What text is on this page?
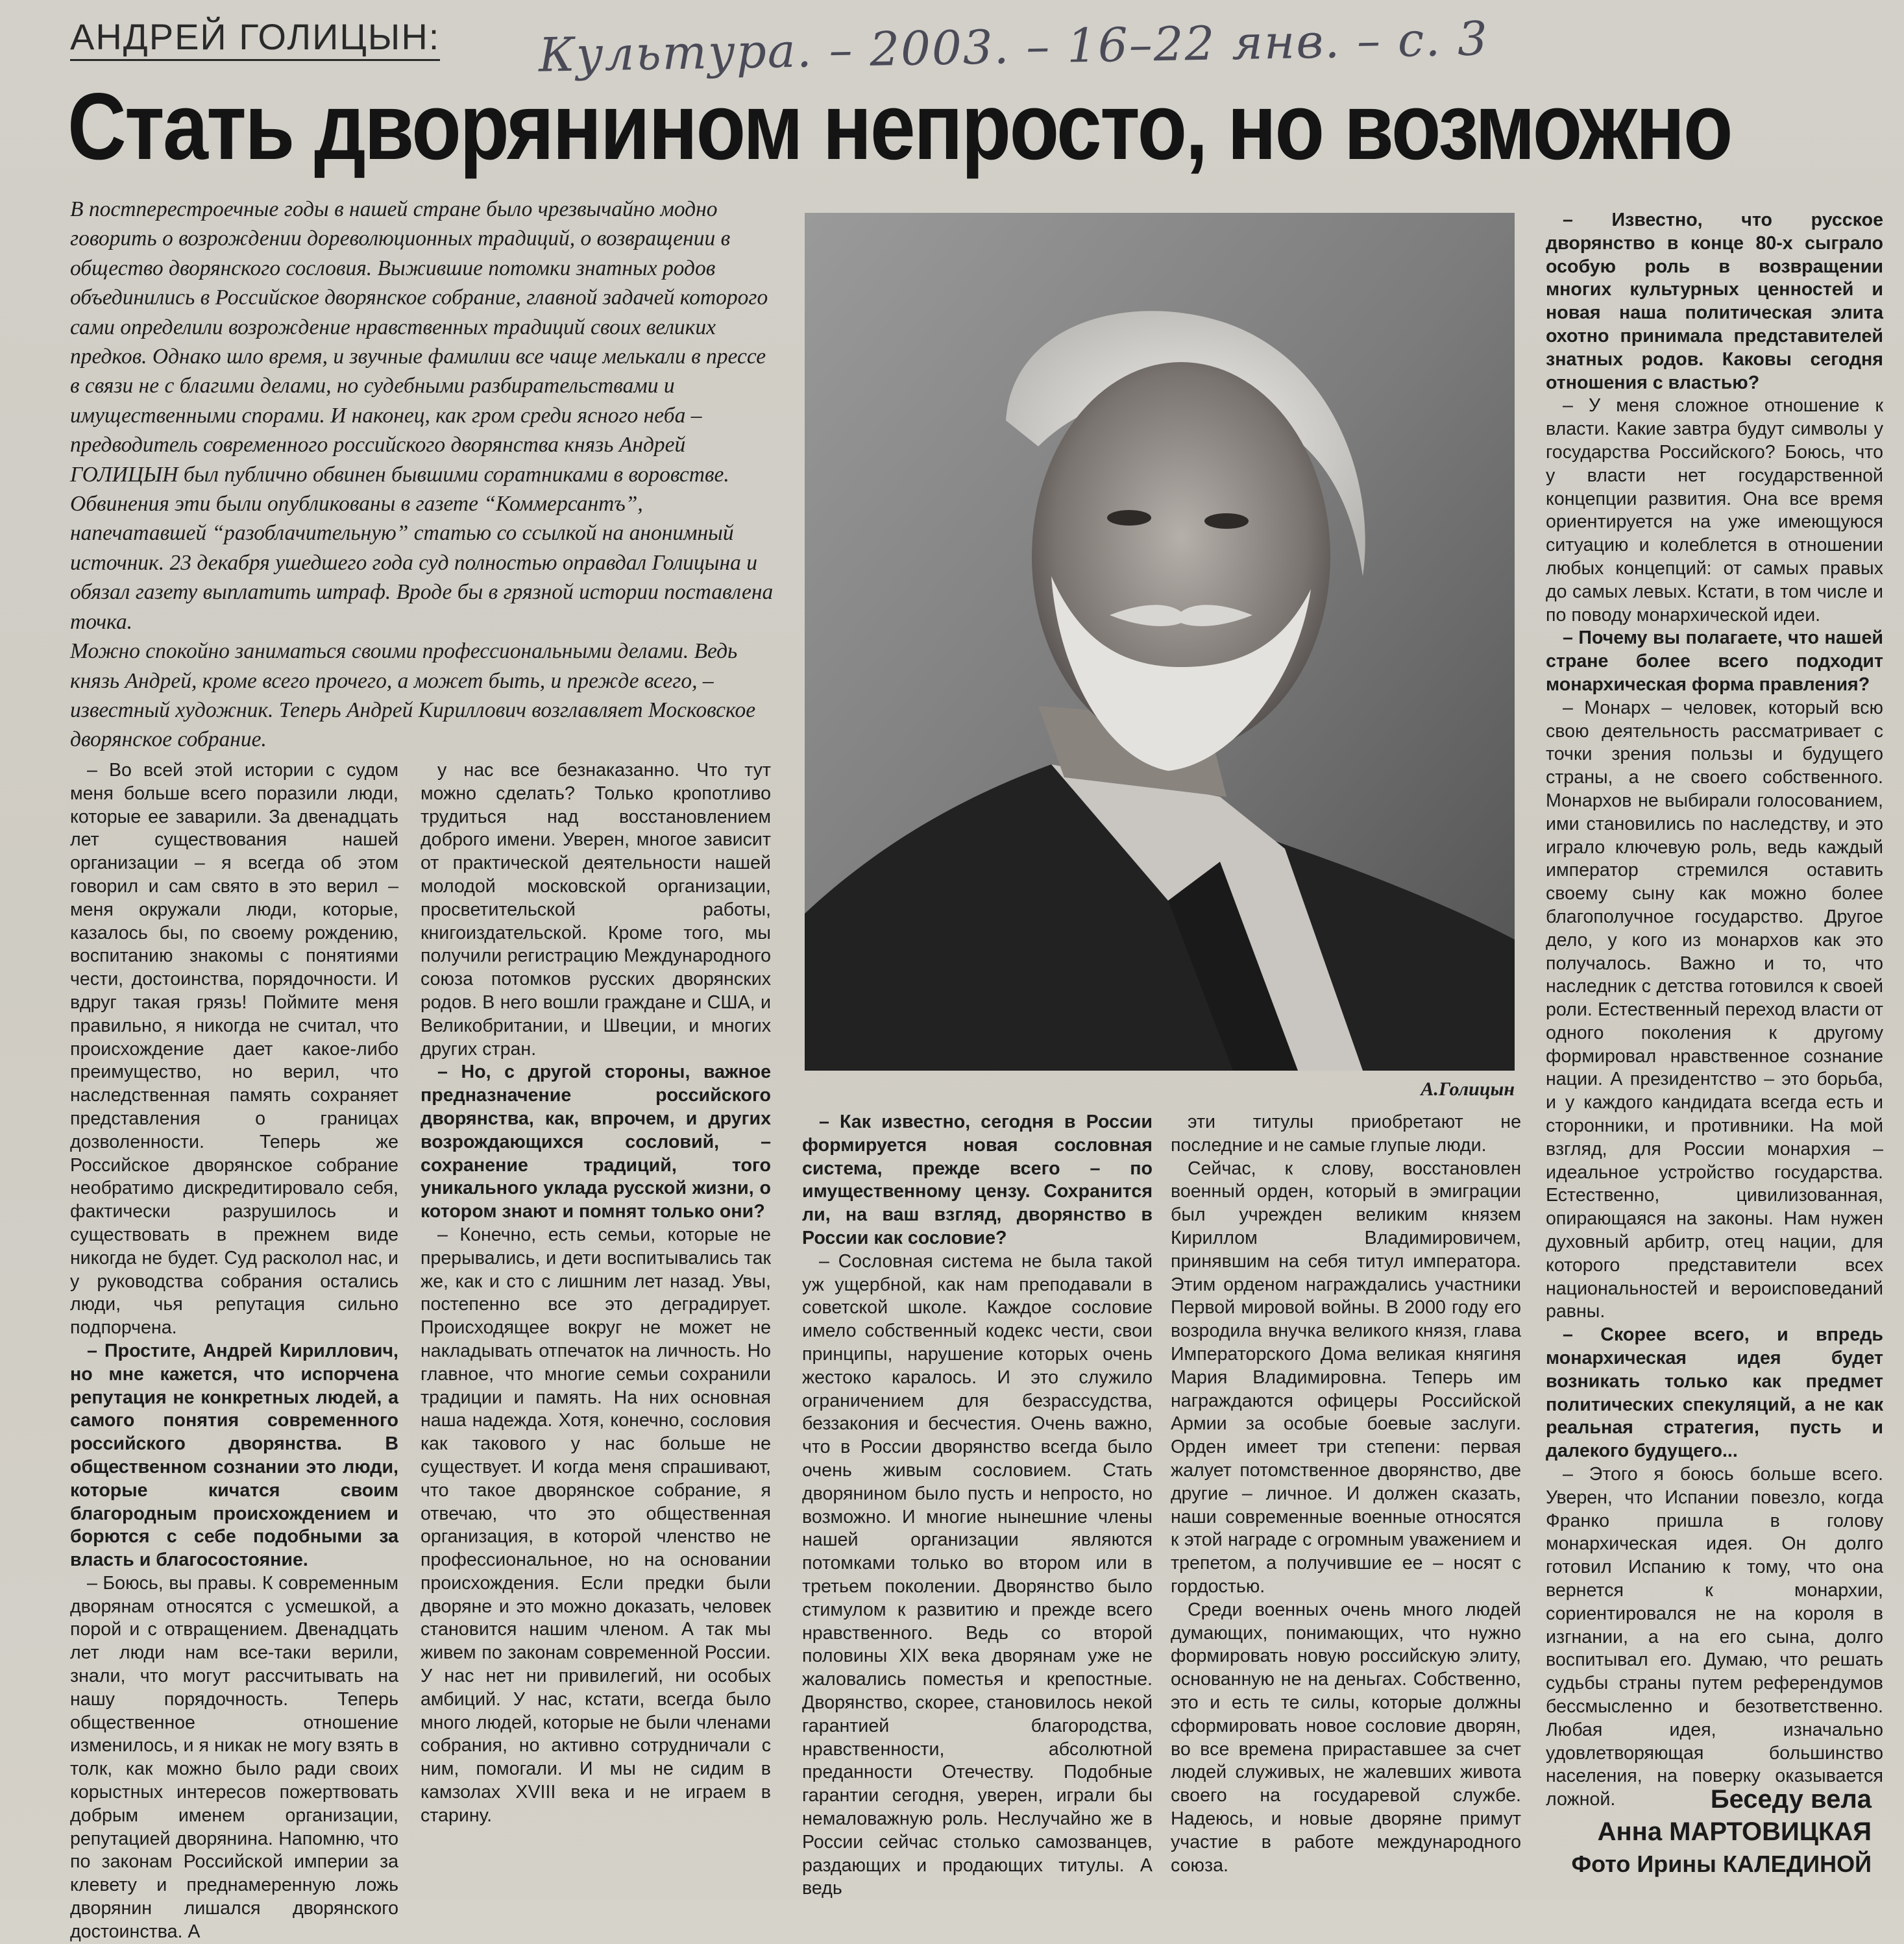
АНДРЕЙ ГОЛИЦЫН: Культура. – 2003. – 16–22 янв. – с. 3
Стать дворянином непросто, но возможно

В постперестроечные годы в нашей стране было чрезвычайно модно говорить о возрождении дореволюционных традиций, о возвращении в общество дворянского сословия. Выжившие потомки знатных родов объединились в Российское дворянское собрание, главной задачей которого сами определили возрождение нравственных традиций своих великих предков. Однако шло время, и звучные фамилии все чаще мелькали в прессе в связи не с благими делами, но судебными разбирательствами и имущественными спорами. И наконец, как гром среди ясного неба – предводитель современного российского дворянства князь Андрей ГОЛИЦЫН был публично обвинен бывшими соратниками в воровстве. Обвинения эти были опубликованы в газете “Коммерсантъ”, напечатавшей “разоблачительную” статью со ссылкой на анонимный источник. 23 декабря ушедшего года суд полностью оправдал Голицына и обязал газету выплатить штраф. Вроде бы в грязной истории поставлена точка.

Можно спокойно заниматься своими профессиональными делами. Ведь князь Андрей, кроме всего прочего, а может быть, и прежде всего, – известный художник. Теперь Андрей Кириллович возглавляет Московское дворянское собрание.

– Во всей этой истории с судом меня больше всего поразили люди, которые ее заварили. За двенадцать лет существования нашей организации – я всегда об этом говорил и сам свято в это верил – меня окружали люди, которые, казалось бы, по своему рождению, воспитанию знакомы с понятиями чести, достоинства, порядочности. И вдруг такая грязь! Поймите меня правильно, я никогда не считал, что происхождение дает какое-либо преимущество, но верил, что наследственная память сохраняет представления о границах дозволенности. Теперь же Российское дворянское собрание необратимо дискредитировало себя, фактически разрушилось и существовать в прежнем виде никогда не будет. Суд расколол нас, и у руководства собрания остались люди, чья репутация сильно подпорчена.

– Простите, Андрей Кириллович, но мне кажется, что испорчена репутация не конкретных людей, а самого понятия современного российского дворянства. В общественном сознании это люди, которые кичатся своим благородным происхождением и борются с себе подобными за власть и благосостояние.

– Боюсь, вы правы. К современным дворянам относятся с усмешкой, а порой и с отвращением. Двенадцать лет люди нам все-таки верили, знали, что могут рассчитывать на нашу порядочность. Теперь общественное отношение изменилось, и я никак не могу взять в толк, как можно было ради своих корыстных интересов пожертвовать добрым именем организации, репутацией дворянина. Напомню, что по законам Российской империи за клевету и преднамеренную ложь дворянин лишался дворянского достоинства. А

у нас все безнаказанно. Что тут можно сделать? Только кропотливо трудиться над восстановлением доброго имени. Уверен, многое зависит от практической деятельности нашей молодой московской организации, просветительской работы, книгоиздательской. Кроме того, мы получили регистрацию Международного союза потомков русских дворянских родов. В него вошли граждане и США, и Великобритании, и Швеции, и многих других стран.

– Но, с другой стороны, важное предназначение российского дворянства, как, впрочем, и других возрождающихся сословий, – сохранение традиций, того уникального уклада русской жизни, о котором знают и помнят только они?

– Конечно, есть семьи, которые не прерывались, и дети воспитывались так же, как и сто с лишним лет назад. Увы, постепенно все это деградирует. Происходящее вокруг не может не накладывать отпечаток на личность. Но главное, что многие семьи сохранили традиции и память. На них основная наша надежда. Хотя, конечно, сословия как такового у нас больше не существует. И когда меня спрашивают, что такое дворянское собрание, я отвечаю, что это общественная организация, в которой членство не профессиональное, но на основании происхождения. Если предки были дворяне и это можно доказать, человек становится нашим членом. А так мы живем по законам современной России. У нас нет ни привилегий, ни особых амбиций. У нас, кстати, всегда было много людей, которые не были членами собрания, но активно сотрудничали с ним, помогали. И мы не сидим в камзолах XVIII века и не играем в старину.

А.Голицын

– Как известно, сегодня в России формируется новая сословная система, прежде всего – по имущественному цензу. Сохранится ли, на ваш взгляд, дворянство в России как сословие?

– Сословная система не была такой уж ущербной, как нам преподавали в советской школе. Каждое сословие имело собственный кодекс чести, свои принципы, нарушение которых очень жестоко каралось. И это служило ограничением для безрассудства, беззакония и бесчестия. Очень важно, что в России дворянство всегда было очень живым сословием. Стать дворянином было пусть и непросто, но возможно. И многие нынешние члены нашей организации являются потомками только во втором или в третьем поколении. Дворянство было стимулом к развитию и прежде всего нравственного. Ведь со второй половины XIX века дворянам уже не жаловались поместья и крепостные. Дворянство, скорее, становилось некой гарантией благородства, нравственности, абсолютной преданности Отечеству. Подобные гарантии сегодня, уверен, играли бы немаловажную роль. Неслучайно же в России сейчас столько самозванцев, раздающих и продающих титулы. А ведь

эти титулы приобретают не последние и не самые глупые люди.

Сейчас, к слову, восстановлен военный орден, который в эмиграции был учрежден великим князем Кириллом Владимировичем, принявшим на себя титул императора. Этим орденом награждались участники Первой мировой войны. В 2000 году его возродила внучка великого князя, глава Императорского Дома великая княгиня Мария Владимировна. Теперь им награждаются офицеры Российской Армии за особые боевые заслуги. Орден имеет три степени: первая жалует потомственное дворянство, две другие – личное. И должен сказать, наши современные военные относятся к этой награде с огромным уважением и трепетом, а получившие ее – носят с гордостью.

Среди военных очень много людей думающих, понимающих, что нужно формировать новую российскую элиту, основанную не на деньгах. Собственно, это и есть те силы, которые должны сформировать новое сословие дворян, во все времена прираставшее за счет людей служивых, не жалевших живота своего на государевой службе. Надеюсь, и новые дворяне примут участие в работе международного союза.

– Известно, что русское дворянство в конце 80-х сыграло особую роль в возвращении многих культурных ценностей и новая наша политическая элита охотно принимала представителей знатных родов. Каковы сегодня отношения с властью?

– У меня сложное отношение к власти. Какие завтра будут символы у государства Российского? Боюсь, что у власти нет государственной концепции развития. Она все время ориентируется на уже имеющуюся ситуацию и колеблется в отношении любых концепций: от самых правых до самых левых. Кстати, в том числе и по поводу монархической идеи.

– Почему вы полагаете, что нашей стране более всего подходит монархическая форма правления?

– Монарх – человек, который всю свою деятельность рассматривает с точки зрения пользы и будущего страны, а не своего собственного. Монархов не выбирали голосованием, ими становились по наследству, и это играло ключевую роль, ведь каждый император стремился оставить своему сыну как можно более благополучное государство. Другое дело, у кого из монархов как это получалось. Важно и то, что наследник с детства готовился к своей роли. Естественный переход власти от одного поколения к другому формировал нравственное сознание нации. А президентство – это борьба, и у каждого кандидата всегда есть и сторонники, и противники. На мой взгляд, для России монархия – идеальное устройство государства. Естественно, цивилизованная, опирающаяся на законы. Нам нужен духовный арбитр, отец нации, для которого представители всех национальностей и вероисповеданий равны.

– Скорее всего, и впредь монархическая идея будет возникать только как предмет политических спекуляций, а не как реальная стратегия, пусть и далекого будущего...

– Этого я боюсь больше всего. Уверен, что Испании повезло, когда Франко пришла в голову монархическая идея. Он долго готовил Испанию к тому, что она вернется к монархии, сориентировался не на короля в изгнании, а на его сына, долго воспитывал его. Думаю, что решать судьбы страны путем референдумов бессмысленно и безответственно. Любая идея, изначально удовлетворяющая большинство населения, на поверку оказывается ложной.	Беседу вела
Анна МАРТОВИЦКАЯ
Фото Ирины КАЛЕДИНОЙ
